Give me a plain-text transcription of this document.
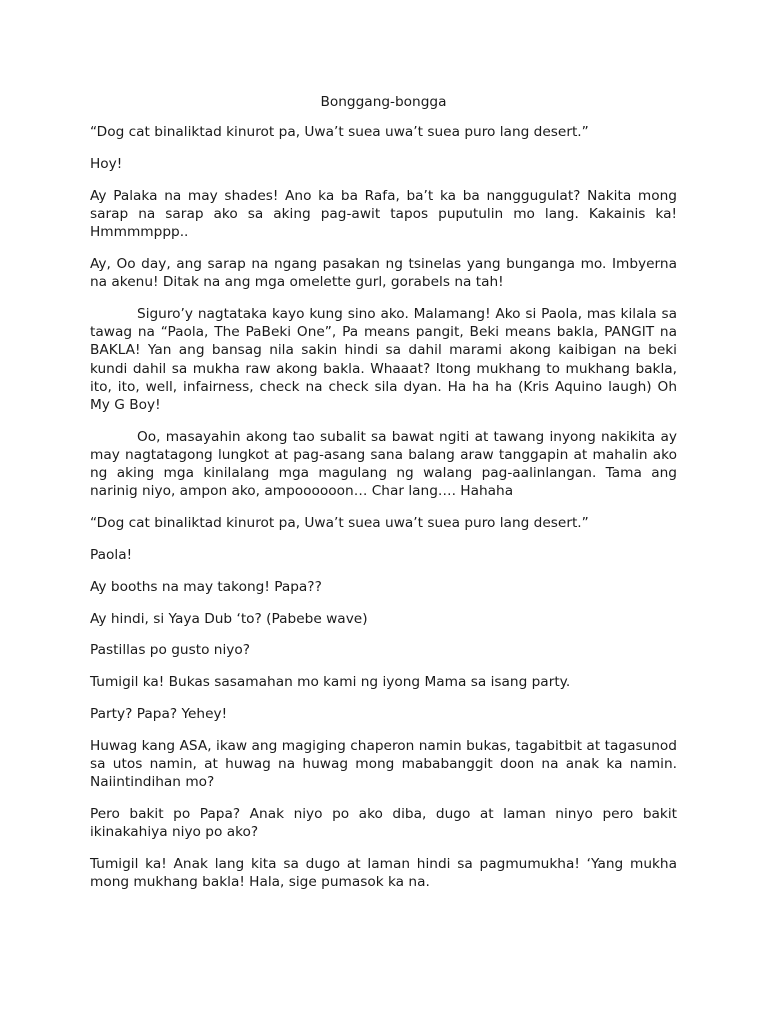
Bonggang-bongga

“Dog cat binaliktad kinurot pa, Uwa’t suea uwa’t suea puro lang desert.”

Hoy!

Ay Palaka na may shades! Ano ka ba Rafa, ba’t ka ba nanggugulat? Nakita mong sarap na sarap ako sa aking pag-awit tapos puputulin mo lang. Kakainis ka! Hmmmmppp..

Ay, Oo day, ang sarap na ngang pasakan ng tsinelas yang bunganga mo. Imbyerna na akenu! Ditak na ang mga omelette gurl, gorabels na tah!

Siguro’y nagtataka kayo kung sino ako. Malamang! Ako si Paola, mas kilala sa tawag na “Paola, The PaBeki One”, Pa means pangit, Beki means bakla, PANGIT na BAKLA! Yan ang bansag nila sakin hindi sa dahil marami akong kaibigan na beki kundi dahil sa mukha raw akong bakla. Whaaat? Itong mukhang to mukhang bakla, ito, ito, well, infairness, check na check sila dyan. Ha ha ha (Kris Aquino laugh) Oh My G Boy!

Oo, masayahin akong tao subalit sa bawat ngiti at tawang inyong nakikita ay may nagtatagong lungkot at pag-asang sana balang araw tanggapin at mahalin ako ng aking mga kinilalang mga magulang ng walang pag-aalinlangan. Tama ang narinig niyo, ampon ako, ampoooooon… Char lang…. Hahaha

“Dog cat binaliktad kinurot pa, Uwa’t suea uwa’t suea puro lang desert.”

Paola!

Ay booths na may takong! Papa??

Ay hindi, si Yaya Dub ‘to? (Pabebe wave)

Pastillas po gusto niyo?

Tumigil ka! Bukas sasamahan mo kami ng iyong Mama sa isang party.

Party? Papa? Yehey!

Huwag kang ASA, ikaw ang magiging chaperon namin bukas, tagabitbit at tagasunod sa utos namin, at huwag na huwag mong mababanggit doon na anak ka namin. Naiintindihan mo?

Pero bakit po Papa? Anak niyo po ako diba, dugo at laman ninyo pero bakit ikinakahiya niyo po ako?

Tumigil ka! Anak lang kita sa dugo at laman hindi sa pagmumukha! ‘Yang mukha mong mukhang bakla! Hala, sige pumasok ka na.
